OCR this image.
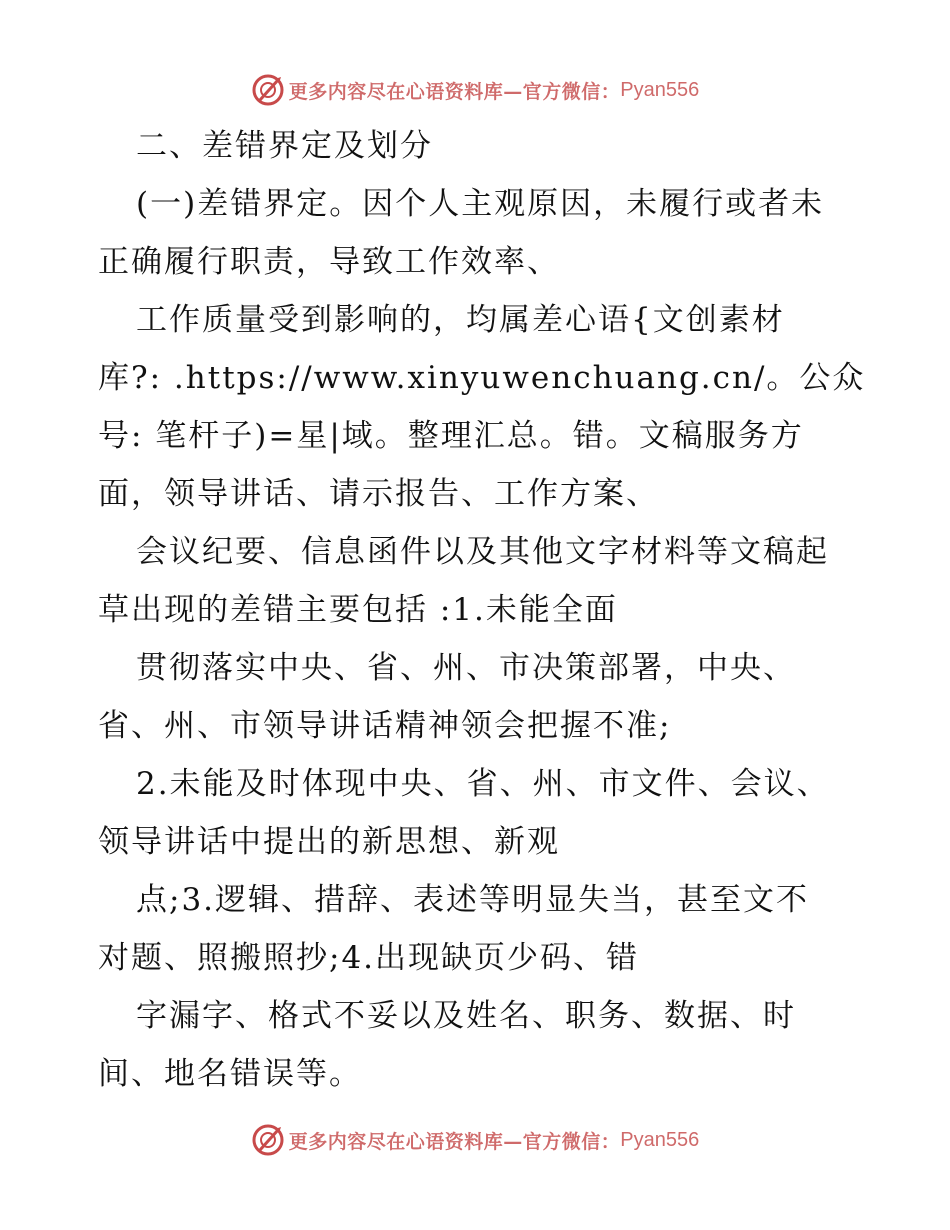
更多内容尽在心语资料库—官方微信： Pyan556
二、差错界定及划分
(一)差错界定。因个人主观原因，未履行或者未
正确履行职责，导致工作效率、
工作质量受到影响的，均属差心语{文创素材
库?: .https://www.xinyuwenchuang.cn/。公众
号: 笔杆子)=星|域。整理汇总。错。文稿服务方
面，领导讲话、请示报告、工作方案、
会议纪要、信息函件以及其他文字材料等文稿起
草出现的差错主要包括 :1.未能全面
贯彻落实中央、省、州、市决策部署，中央、
省、州、市领导讲话精神领会把握不准;
2.未能及时体现中央、省、州、市文件、会议、
领导讲话中提出的新思想、新观
点;3.逻辑、措辞、表述等明显失当，甚至文不
对题、照搬照抄;4.出现缺页少码、错
字漏字、格式不妥以及姓名、职务、数据、时
间、地名错误等。
更多内容尽在心语资料库—官方微信： Pyan556
